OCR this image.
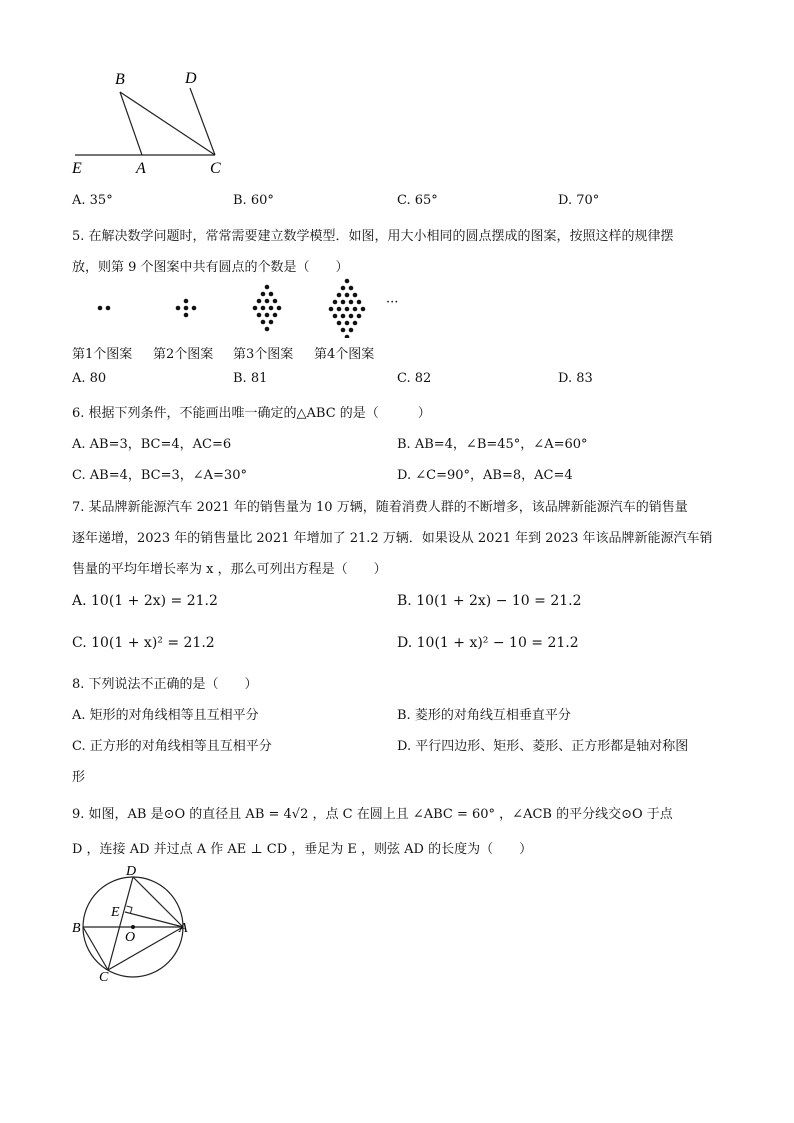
B	D
E	A	C
A. 35°	B. 60°	C. 65°	D. 70°
5. 在解决数学问题时，常常需要建立数学模型．如图，用大小相同的圆点摆成的图案，按照这样的规律摆
放，则第 9 个图案中共有圆点的个数是（　　）
···
第1个图案 第2个图案 第3个图案 第4个图案
A. 80	B. 81	C. 82	D. 83
6. 根据下列条件，不能画出唯一确定的△ABC 的是（　　　）
A. AB=3，BC=4，AC=6	B. AB=4，∠B=45°，∠A=60°
C. AB=4，BC=3，∠A=30°	D. ∠C=90°，AB=8，AC=4
7. 某品牌新能源汽车 2021 年的销售量为 10 万辆，随着消费人群的不断增多，该品牌新能源汽车的销售量
逐年递增，2023 年的销售量比 2021 年增加了 21.2 万辆．如果设从 2021 年到 2023 年该品牌新能源汽车销
售量的平均年增长率为 x ，那么可列出方程是（　　）
A. 10(1 + 2x) = 21.2	B. 10(1 + 2x) − 10 = 21.2
C. 10(1 + x)² = 21.2	D. 10(1 + x)² − 10 = 21.2
8. 下列说法不正确的是（　　）
A. 矩形的对角线相等且互相平分	B. 菱形的对角线互相垂直平分
C. 正方形的对角线相等且互相平分	D. 平行四边形、矩形、菱形、正方形都是轴对称图
形
9. 如图，AB 是⊙O 的直径且 AB = 4√2 ，点 C 在圆上且 ∠ABC = 60° ，∠ACB 的平分线交⊙O 于点
D ，连接 AD 并过点 A 作 AE ⊥ CD ，垂足为 E ，则弦 AD 的长度为（　　）
D
E
B
O
A
C
